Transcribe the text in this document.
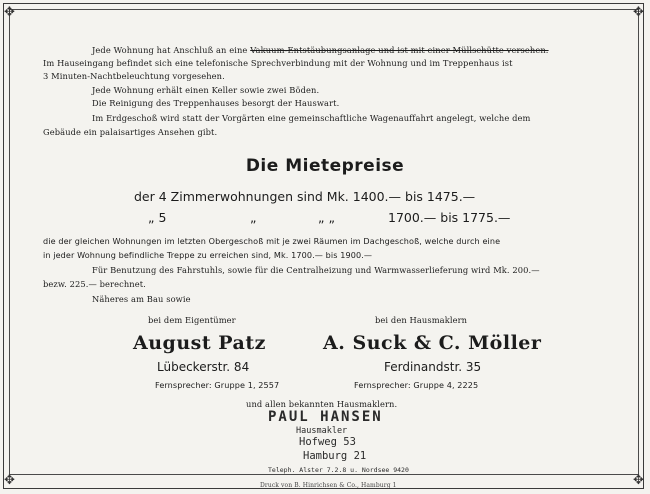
✥	✥
✥	✥
Jede Wohnung hat Anschluß an eine Vakuum-Entstäubungsanlage und ist mit einer Müllschütte versehen.
Im Hauseingang befindet sich eine telefonische Sprechverbindung mit der Wohnung und im Treppenhaus ist
3 Minuten-Nachtbeleuchtung vorgesehen.
Jede Wohnung erhält einen Keller sowie zwei Böden.
Die Reinigung des Treppenhauses besorgt der Hauswart.
Im Erdgeschoß wird statt der Vorgärten eine gemeinschaftliche Wagenauffahrt angelegt, welche dem
Gebäude ein palaisartiges Ansehen gibt.
Die Mietepreise
der 4 Zimmerwohnungen sind Mk. 1400.— bis 1475.—
„ 5	„	„ „	1700.— bis 1775.—
die der gleichen Wohnungen im letzten Obergeschoß mit je zwei Räumen im Dachgeschoß, welche durch eine
in jeder Wohnung befindliche Treppe zu erreichen sind, Mk. 1700.— bis 1900.—
Für Benutzung des Fahrstuhls, sowie für die Centralheizung und Warmwasserlieferung wird Mk. 200.—
bezw. 225.— berechnet.
Näheres am Bau sowie
bei dem Eigentümer	bei den Hausmaklern
August Patz	A. Suck & C. Möller
Lübeckerstr. 84	Ferdinandstr. 35
Fernsprecher: Gruppe 1, 2557	Fernsprecher: Gruppe 4, 2225
und allen bekannten Hausmaklern.
PAUL HANSEN
Hausmakler
Hofweg 53
Hamburg 21
Teleph. Alster 7.2.8 u. Nordsee 9420
Druck von B. Hinrichsen & Co., Hamburg 1
